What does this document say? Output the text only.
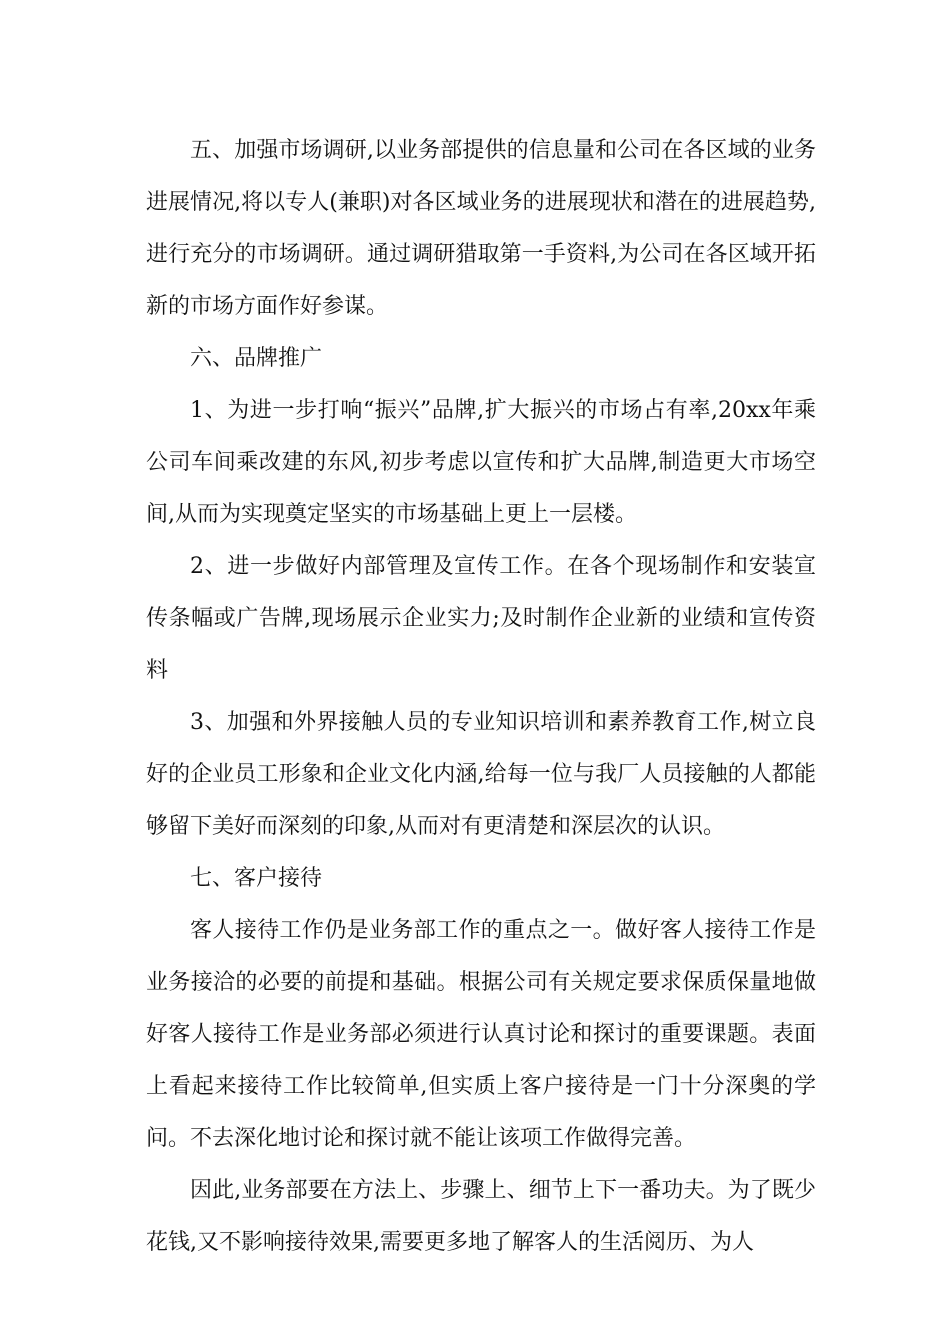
五、加强市场调研,以业务部提供的信息量和公司在各区域的业务进展情况,将以专人(兼职)对各区域业务的进展现状和潜在的进展趋势,进行充分的市场调研。通过调研猎取第一手资料,为公司在各区域开拓新的市场方面作好参谋。

六、品牌推广

1、为进一步打响“振兴”品牌,扩大振兴的市场占有率,20xx年乘公司车间乘改建的东风,初步考虑以宣传和扩大品牌,制造更大市场空间,从而为实现奠定坚实的市场基础上更上一层楼。

2、进一步做好内部管理及宣传工作。在各个现场制作和安装宣传条幅或广告牌,现场展示企业实力;及时制作企业新的业绩和宣传资料

3、加强和外界接触人员的专业知识培训和素养教育工作,树立良好的企业员工形象和企业文化内涵,给每一位与我厂人员接触的人都能够留下美好而深刻的印象,从而对有更清楚和深层次的认识。

七、客户接待

客人接待工作仍是业务部工作的重点之一。做好客人接待工作是业务接洽的必要的前提和基础。根据公司有关规定要求保质保量地做好客人接待工作是业务部必须进行认真讨论和探讨的重要课题。表面上看起来接待工作比较简单,但实质上客户接待是一门十分深奥的学问。不去深化地讨论和探讨就不能让该项工作做得完善。

因此,业务部要在方法上、步骤上、细节上下一番功夫。为了既少花钱,又不影响接待效果,需要更多地了解客人的生活阅历、为人
